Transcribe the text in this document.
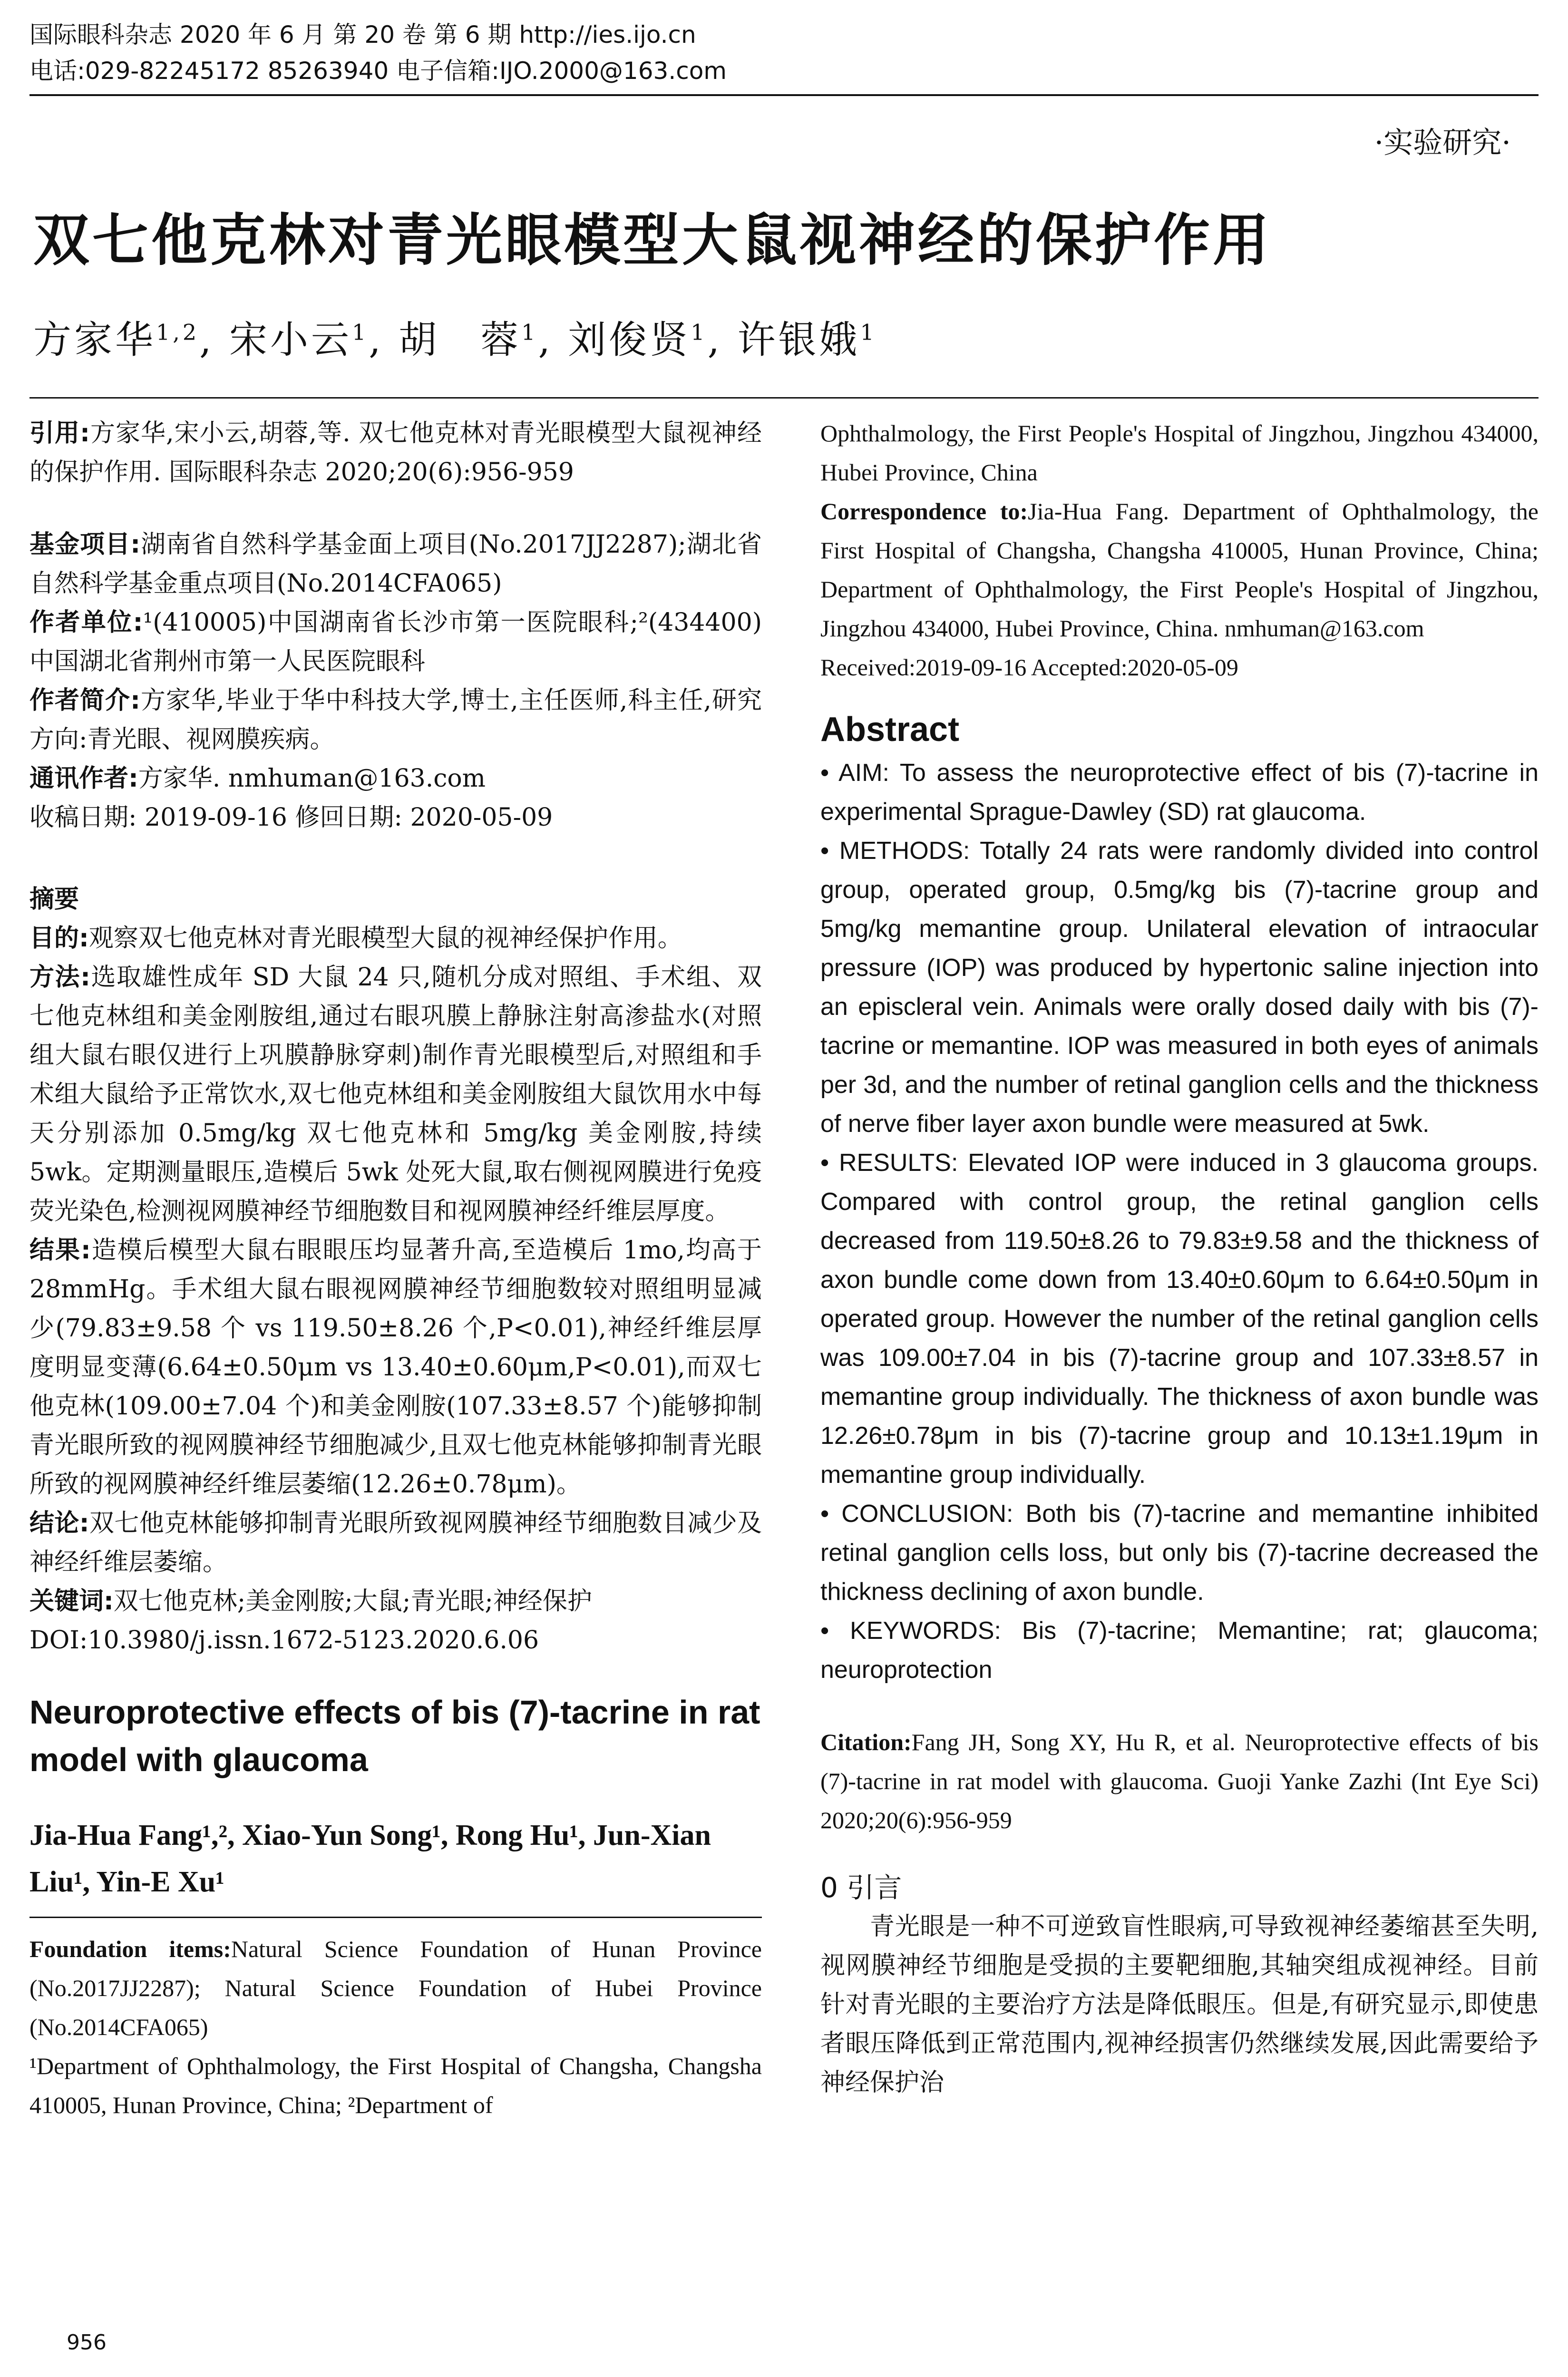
国际眼科杂志 2020 年 6 月 第 20 卷 第 6 期 http://ies.ijo.cn
电话:029-82245172 85263940 电子信箱:IJO.2000@163.com
·实验研究·
双七他克林对青光眼模型大鼠视神经的保护作用
方家华$^{1,2}$, 宋小云$^1$, 胡　蓉$^1$, 刘俊贤$^1$, 许银娥$^1$

引用:方家华,宋小云,胡蓉,等. 双七他克林对青光眼模型大鼠视神经的保护作用. 国际眼科杂志 2020;20(6):956-959

基金项目:湖南省自然科学基金面上项目(No.2017JJ2287);湖北省自然科学基金重点项目(No.2014CFA065)

作者单位:¹(410005)中国湖南省长沙市第一医院眼科;²(434400)中国湖北省荆州市第一人民医院眼科

作者简介:方家华,毕业于华中科技大学,博士,主任医师,科主任,研究方向:青光眼、视网膜疾病。

通讯作者:方家华. nmhuman@163.com

收稿日期: 2019-09-16 修回日期: 2020-05-09

摘要

目的:观察双七他克林对青光眼模型大鼠的视神经保护作用。

方法:选取雄性成年 SD 大鼠 24 只,随机分成对照组、手术组、双七他克林组和美金刚胺组,通过右眼巩膜上静脉注射高渗盐水(对照组大鼠右眼仅进行上巩膜静脉穿刺)制作青光眼模型后,对照组和手术组大鼠给予正常饮水,双七他克林组和美金刚胺组大鼠饮用水中每天分别添加 0.5mg/kg 双七他克林和 5mg/kg 美金刚胺,持续 5wk。定期测量眼压,造模后 5wk 处死大鼠,取右侧视网膜进行免疫荧光染色,检测视网膜神经节细胞数目和视网膜神经纤维层厚度。

结果:造模后模型大鼠右眼眼压均显著升高,至造模后 1mo,均高于 28mmHg。手术组大鼠右眼视网膜神经节细胞数较对照组明显减少(79.83±9.58 个 vs 119.50±8.26 个,P<0.01),神经纤维层厚度明显变薄(6.64±0.50μm vs 13.40±0.60μm,P<0.01),而双七他克林(109.00±7.04 个)和美金刚胺(107.33±8.57 个)能够抑制青光眼所致的视网膜神经节细胞减少,且双七他克林能够抑制青光眼所致的视网膜神经纤维层萎缩(12.26±0.78μm)。

结论:双七他克林能够抑制青光眼所致视网膜神经节细胞数目减少及神经纤维层萎缩。

关键词:双七他克林;美金刚胺;大鼠;青光眼;神经保护

DOI:10.3980/j.issn.1672-5123.2020.6.06

Neuroprotective effects of bis (7)-tacrine in rat model with glaucoma
Jia-Hua Fang¹,², Xiao-Yun Song¹, Rong Hu¹, Jun-Xian Liu¹, Yin-E Xu¹

Foundation items:Natural Science Foundation of Hunan Province (No.2017JJ2287); Natural Science Foundation of Hubei Province (No.2014CFA065)

¹Department of Ophthalmology, the First Hospital of Changsha, Changsha 410005, Hunan Province, China; ²Department of

Ophthalmology, the First People's Hospital of Jingzhou, Jingzhou 434000, Hubei Province, China

Correspondence to:Jia-Hua Fang. Department of Ophthalmology, the First Hospital of Changsha, Changsha 410005, Hunan Province, China; Department of Ophthalmology, the First People's Hospital of Jingzhou, Jingzhou 434000, Hubei Province, China. nmhuman@163.com

Received:2019-09-16 Accepted:2020-05-09

Abstract

• AIM: To assess the neuroprotective effect of bis (7)-tacrine in experimental Sprague-Dawley (SD) rat glaucoma.

• METHODS: Totally 24 rats were randomly divided into control group, operated group, 0.5mg/kg bis (7)-tacrine group and 5mg/kg memantine group. Unilateral elevation of intraocular pressure (IOP) was produced by hypertonic saline injection into an episcleral vein. Animals were orally dosed daily with bis (7)-tacrine or memantine. IOP was measured in both eyes of animals per 3d, and the number of retinal ganglion cells and the thickness of nerve fiber layer axon bundle were measured at 5wk.

• RESULTS: Elevated IOP were induced in 3 glaucoma groups. Compared with control group, the retinal ganglion cells decreased from 119.50±8.26 to 79.83±9.58 and the thickness of axon bundle come down from 13.40±0.60μm to 6.64±0.50μm in operated group. However the number of the retinal ganglion cells was 109.00±7.04 in bis (7)-tacrine group and 107.33±8.57 in memantine group individually. The thickness of axon bundle was 12.26±0.78μm in bis (7)-tacrine group and 10.13±1.19μm in memantine group individually.

• CONCLUSION: Both bis (7)-tacrine and memantine inhibited retinal ganglion cells loss, but only bis (7)-tacrine decreased the thickness declining of axon bundle.

• KEYWORDS: Bis (7)-tacrine; Memantine; rat; glaucoma; neuroprotection

Citation:Fang JH, Song XY, Hu R, et al. Neuroprotective effects of bis (7)-tacrine in rat model with glaucoma. Guoji Yanke Zazhi (Int Eye Sci) 2020;20(6):956-959

0 引言

青光眼是一种不可逆致盲性眼病,可导致视神经萎缩甚至失明,视网膜神经节细胞是受损的主要靶细胞,其轴突组成视神经。目前针对青光眼的主要治疗方法是降低眼压。但是,有研究显示,即使患者眼压降低到正常范围内,视神经损害仍然继续发展,因此需要给予神经保护治

956
